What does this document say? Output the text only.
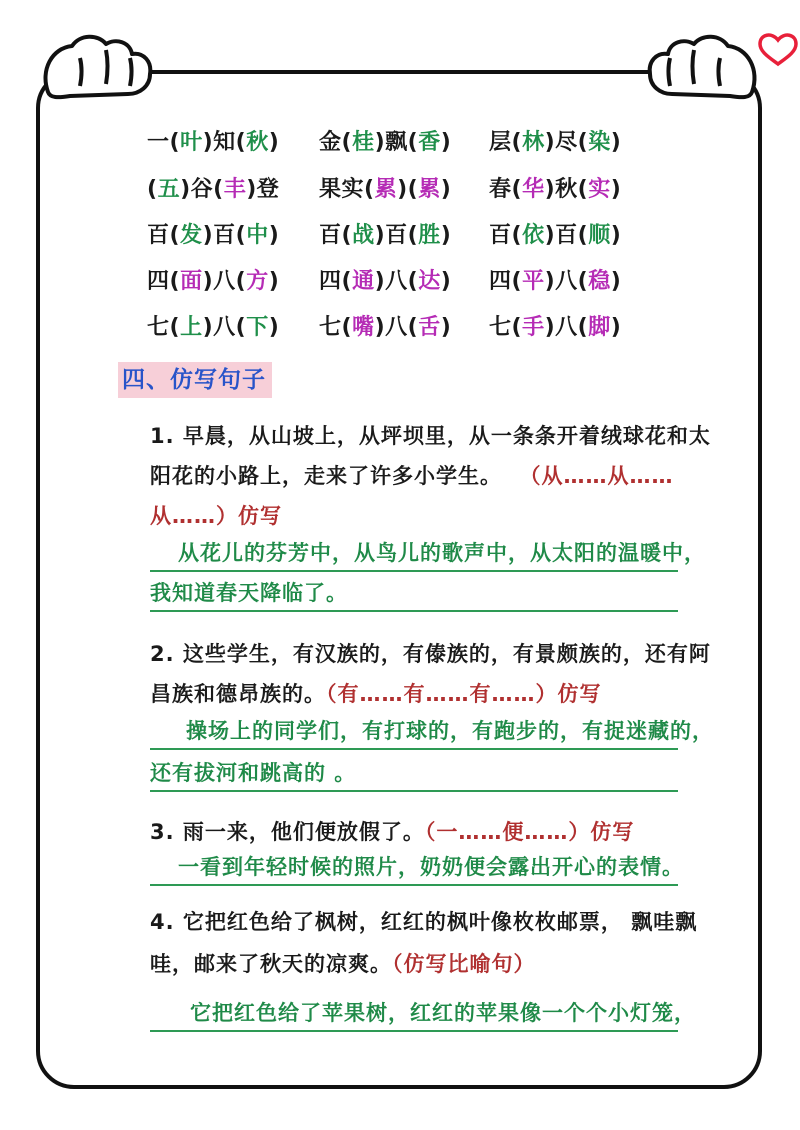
一(叶)知(秋) 金(桂)飘(香) 层(林)尽(染)
(五)谷(丰)登 果实(累)(累) 春(华)秋(实)
百(发)百(中) 百(战)百(胜) 百(依)百(顺)
四(面)八(方) 四(通)八(达) 四(平)八(稳)
七(上)八(下) 七(嘴)八(舌) 七(手)八(脚)
四、仿写句子
1. 早晨，从山坡上，从坪坝里，从一条条开着绒球花和太
阳花的小路上，走来了许多小学生。 （从……从……
从……）仿写
从花儿的芬芳中，从鸟儿的歌声中，从太阳的温暖中，
我知道春天降临了。
2. 这些学生，有汉族的，有傣族的，有景颇族的，还有阿
昌族和德昂族的。（有……有……有……）仿写
操场上的同学们，有打球的，有跑步的，有捉迷藏的，
还有拔河和跳高的 。
3. 雨一来，他们便放假了。（一……便……）仿写
一看到年轻时候的照片，奶奶便会露出开心的表情。
4. 它把红色给了枫树，红红的枫叶像枚枚邮票， 飘哇飘
哇，邮来了秋天的凉爽。（仿写比喻句）
它把红色给了苹果树，红红的苹果像一个个小灯笼，
